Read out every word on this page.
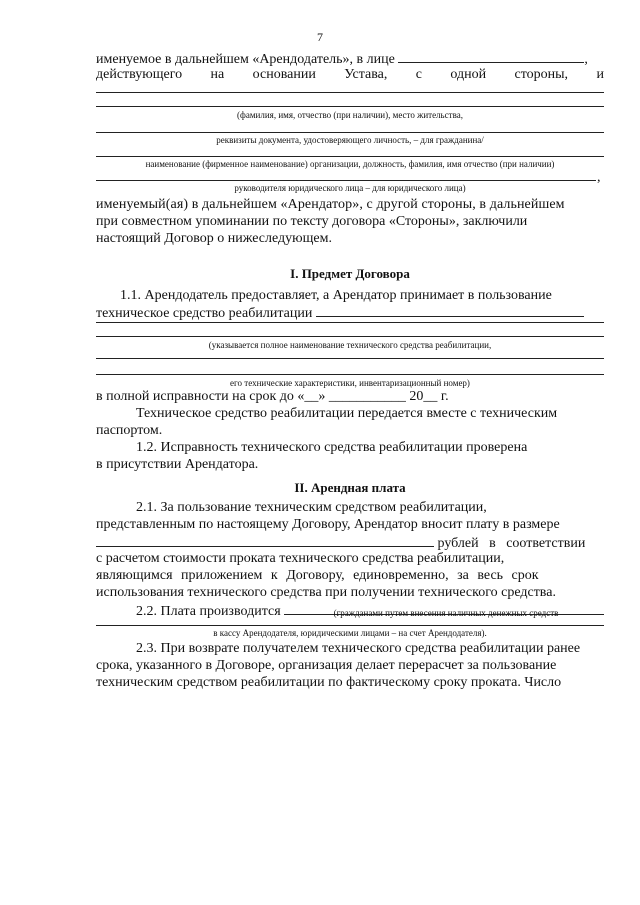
7
именуемое в дальнейшем «Арендодатель», в лице	,
действующего на основании Устава, с одной стороны, и
(фамилия, имя, отчество (при наличии), место жительства,
реквизиты документа, удостоверяющего личность, – для гражданина/
наименование (фирменное наименование) организации, должность, фамилия, имя отчество (при наличии)
,
руководителя юридического лица – для юридического лица)
именуемый(ая) в дальнейшем «Арендатор», с другой стороны, в дальнейшем
при совместном упоминании по тексту договора «Стороны», заключили
настоящий Договор о нижеследующем.
I. Предмет Договора
1.1. Арендодатель предоставляет, а Арендатор принимает в пользование
техническое средство реабилитации
(указывается полное наименование технического средства реабилитации,
его технические характеристики, инвентаризационный номер)
в полной исправности на срок до «__» ___________ 20__ г.
Техническое средство реабилитации передается вместе с техническим
паспортом.
1.2. Исправность технического средства реабилитации проверена
в присутствии Арендатора.
II. Арендная плата
2.1. За пользование техническим средством реабилитации,
представленным по настоящему Договору, Арендатор вносит плату в размере
рублей   в   соответствии
с расчетом стоимости проката технического средства реабилитации,
являющимся приложением к Договору, единовременно, за весь срок
использования технического средства при получении технического средства.
2.2. Плата производится	(гражданами путем внесения наличных денежных средств
в кассу Арендодателя, юридическими лицами – на счет Арендодателя).
2.3. При возврате получателем технического средства реабилитации ранее
срока, указанного в Договоре, организация делает перерасчет за пользование
техническим средством реабилитации по фактическому сроку проката. Число
